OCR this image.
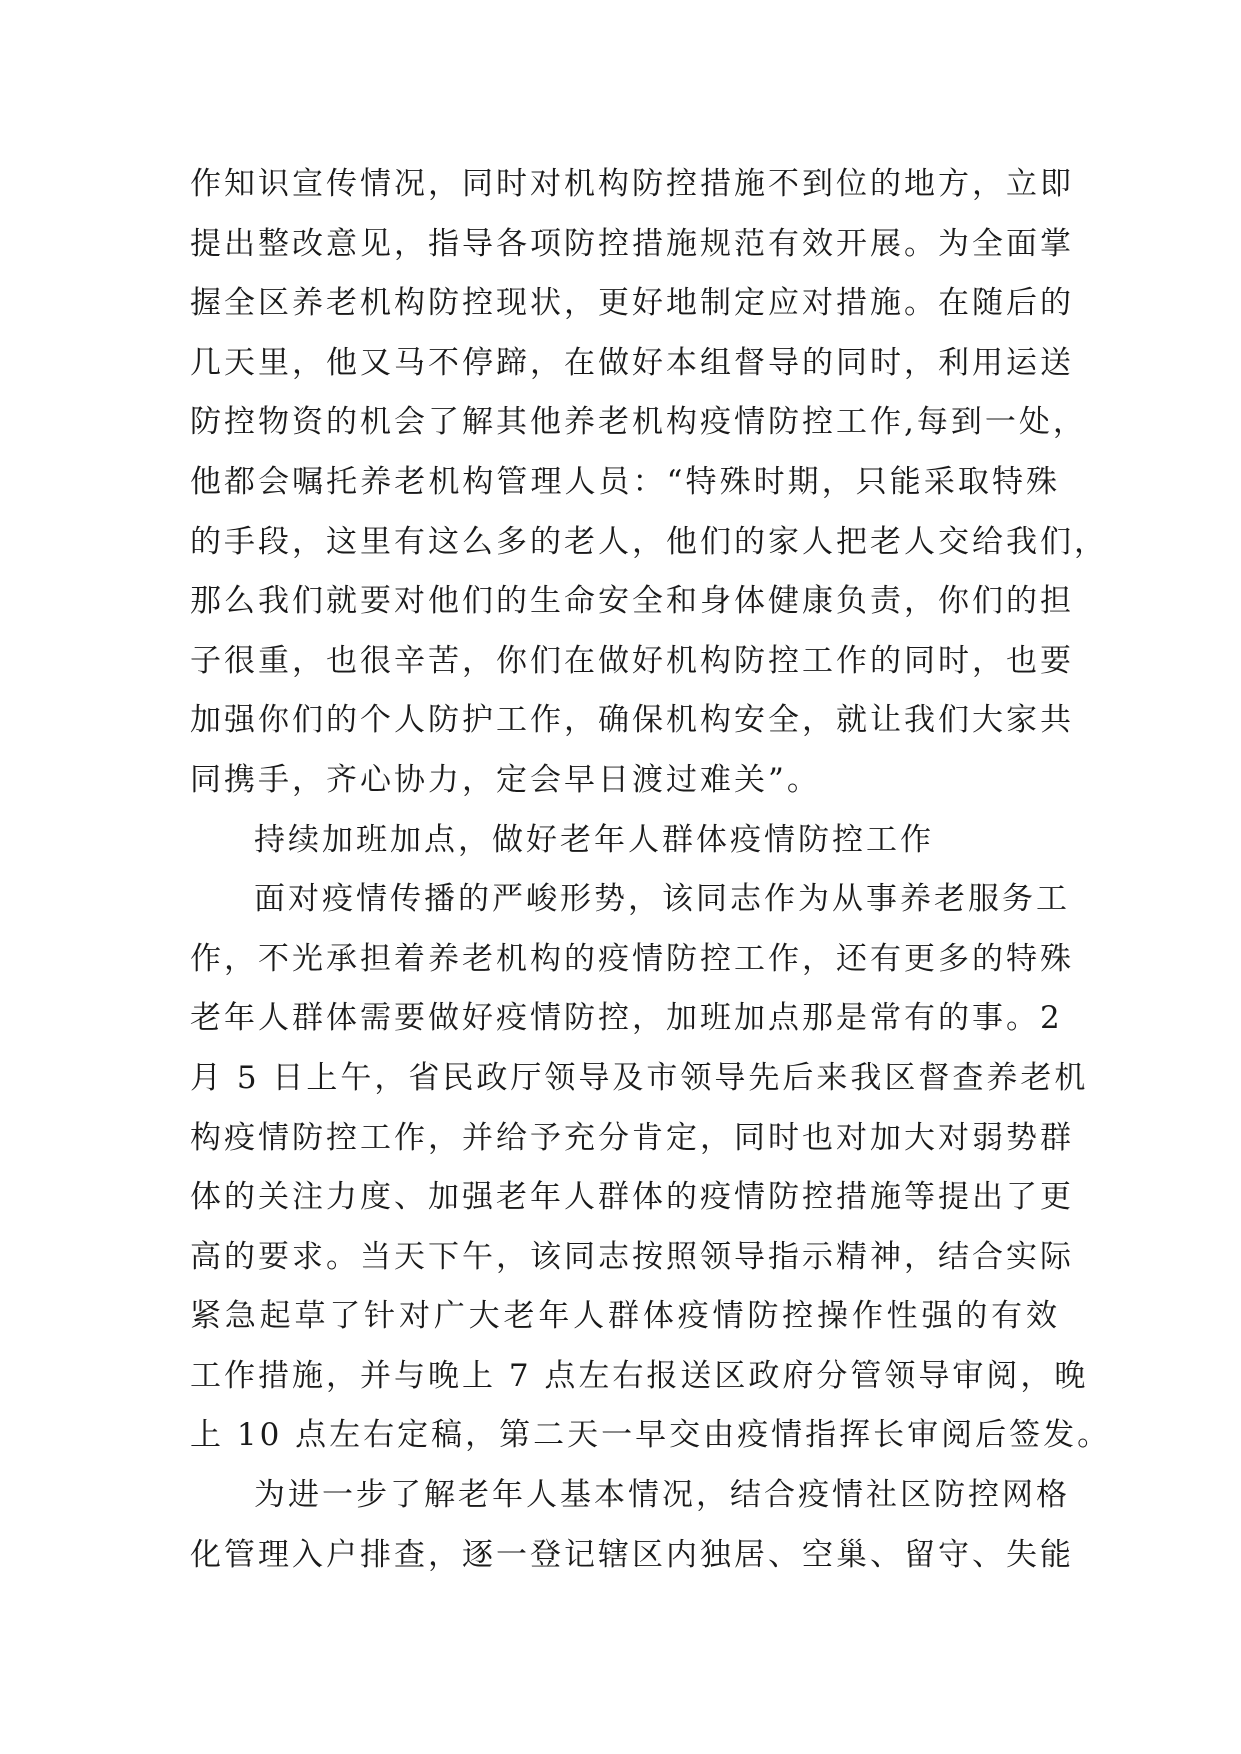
作知识宣传情况，同时对机构防控措施不到位的地方，立即
提出整改意见，指导各项防控措施规范有效开展。为全面掌
握全区养老机构防控现状，更好地制定应对措施。在随后的
几天里，他又马不停蹄，在做好本组督导的同时，利用运送
防控物资的机会了解其他养老机构疫情防控工作,每到一处，
他都会嘱托养老机构管理人员：“特殊时期，只能采取特殊
的手段，这里有这么多的老人，他们的家人把老人交给我们，
那么我们就要对他们的生命安全和身体健康负责，你们的担
子很重，也很辛苦，你们在做好机构防控工作的同时，也要
加强你们的个人防护工作，确保机构安全，就让我们大家共
同携手，齐心协力，定会早日渡过难关”。
持续加班加点，做好老年人群体疫情防控工作
面对疫情传播的严峻形势，该同志作为从事养老服务工
作，不光承担着养老机构的疫情防控工作，还有更多的特殊
老年人群体需要做好疫情防控，加班加点那是常有的事。2
月 5 日上午，省民政厅领导及市领导先后来我区督查养老机
构疫情防控工作，并给予充分肯定，同时也对加大对弱势群
体的关注力度、加强老年人群体的疫情防控措施等提出了更
高的要求。当天下午，该同志按照领导指示精神，结合实际
紧急起草了针对广大老年人群体疫情防控操作性强的有效
工作措施，并与晚上 7 点左右报送区政府分管领导审阅，晚
上 10 点左右定稿，第二天一早交由疫情指挥长审阅后签发。
为进一步了解老年人基本情况，结合疫情社区防控网格
化管理入户排查，逐一登记辖区内独居、空巢、留守、失能
